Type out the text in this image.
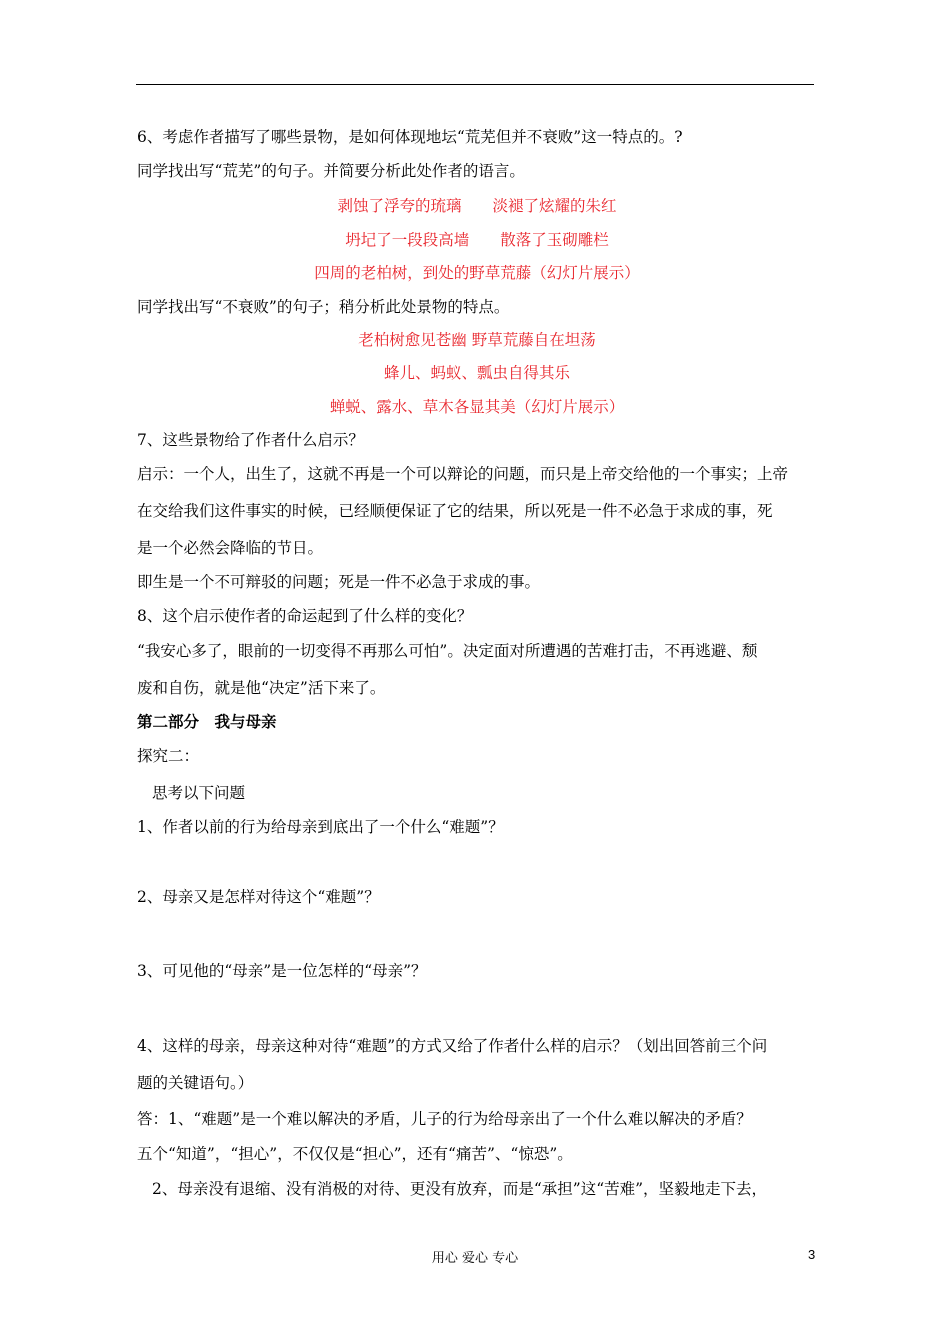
6、考虑作者描写了哪些景物，是如何体现地坛“荒芜但并不衰败”这一特点的。?
同学找出写“荒芜”的句子。并简要分析此处作者的语言。
剥蚀了浮夸的琉璃　　淡褪了炫耀的朱红
坍圮了一段段高墙　　散落了玉砌雕栏
四周的老柏树，到处的野草荒藤（幻灯片展示）
同学找出写“不衰败”的句子；稍分析此处景物的特点。
老柏树愈见苍幽 野草荒藤自在坦荡
蜂儿、蚂蚁、瓢虫自得其乐
蝉蜕、露水、草木各显其美（幻灯片展示）
7、这些景物给了作者什么启示？
启示：一个人，出生了，这就不再是一个可以辩论的问题，而只是上帝交给他的一个事实；上帝
在交给我们这件事实的时候，已经顺便保证了它的结果，所以死是一件不必急于求成的事，死
是一个必然会降临的节日。
即生是一个不可辩驳的问题；死是一件不必急于求成的事。
8、这个启示使作者的命运起到了什么样的变化？
“我安心多了，眼前的一切变得不再那么可怕”。决定面对所遭遇的苦难打击，不再逃避、颓
废和自伤，就是他“决定”活下来了。
第二部分　我与母亲
探究二：
思考以下问题
1、作者以前的行为给母亲到底出了一个什么“难题”？
2、母亲又是怎样对待这个“难题”？
3、可见他的“母亲”是一位怎样的“母亲”？
4、这样的母亲，母亲这种对待“难题”的方式又给了作者什么样的启示？（划出回答前三个问
题的关键语句。）
答：1、“难题”是一个难以解决的矛盾，儿子的行为给母亲出了一个什么难以解决的矛盾？
五个“知道”，“担心”，不仅仅是“担心”，还有“痛苦”、“惊恐”。
2、母亲没有退缩、没有消极的对待、更没有放弃，而是“承担”这“苦难”，坚毅地走下去，
用心 爱心 专心	3
